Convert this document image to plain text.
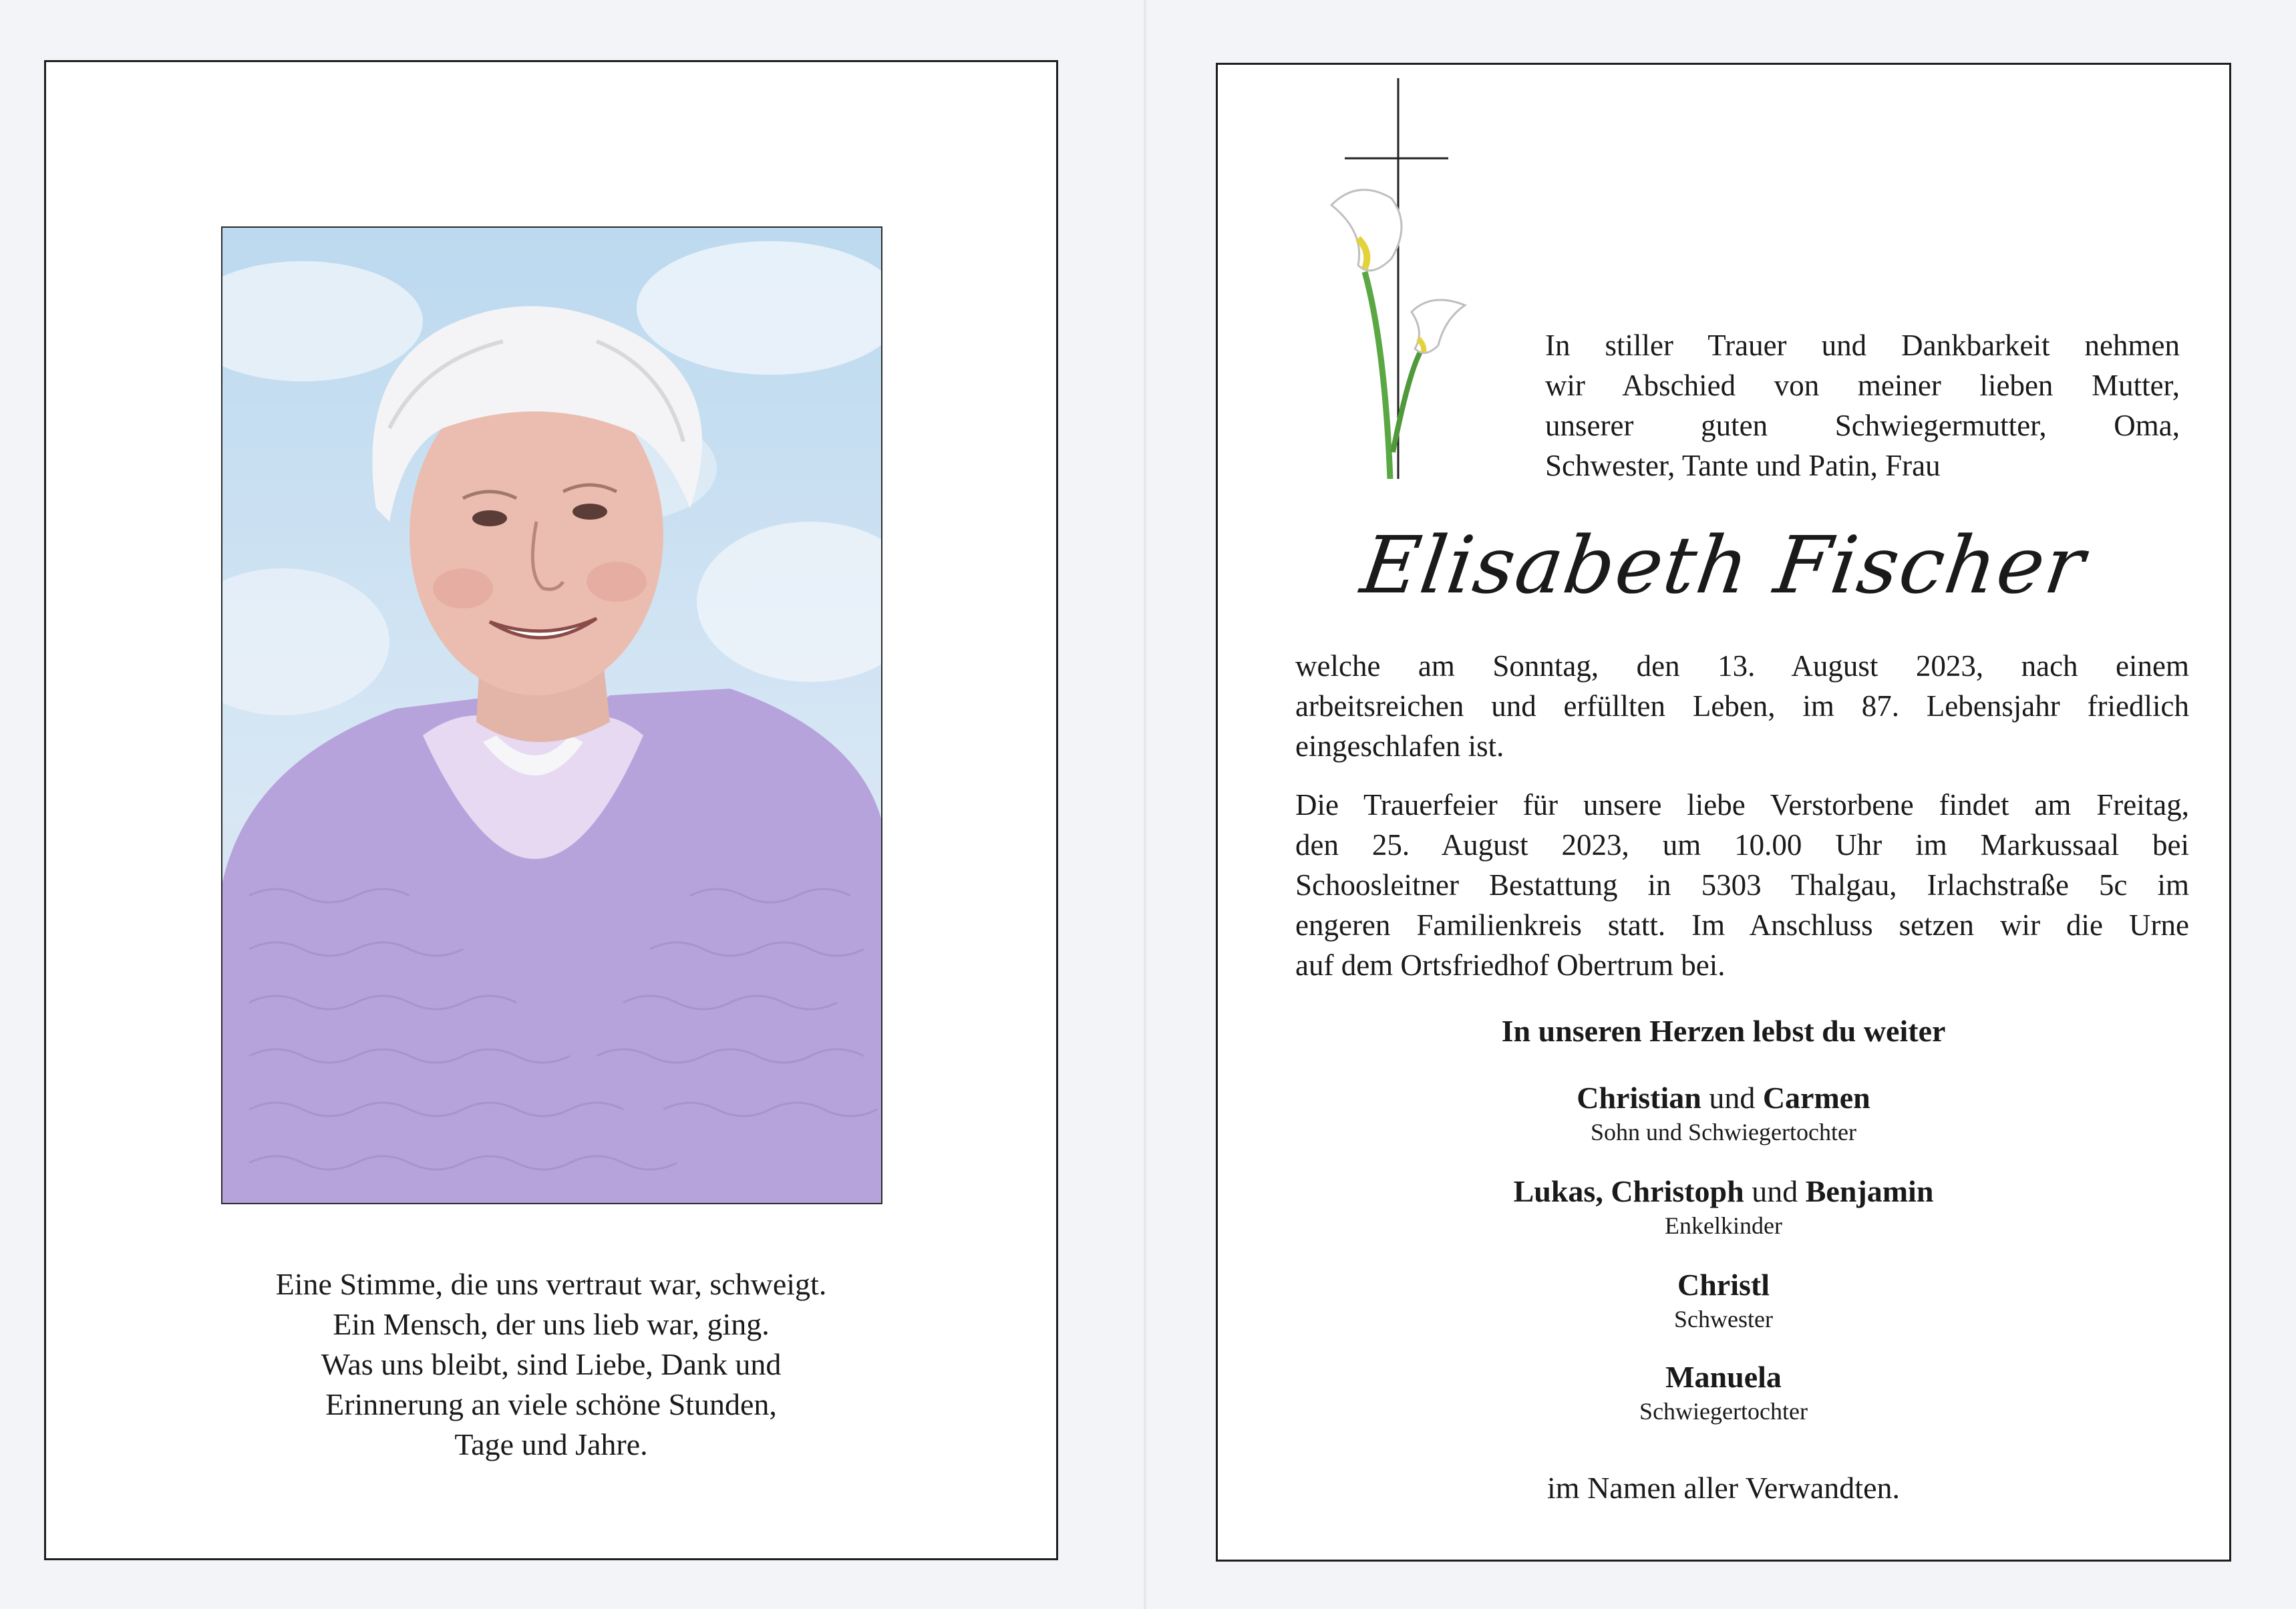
Eine Stimme, die uns vertraut war, schweigt.
Ein Mensch, der uns lieb war, ging.
Was uns bleibt, sind Liebe, Dank und
Erinnerung an viele schöne Stunden,
Tage und Jahre.
In stiller Trauer und Dankbarkeit nehmen
wir Abschied von meiner lieben Mutter,
unserer guten Schwiegermutter, Oma,
Schwester, Tante und Patin, Frau
Elisabeth Fischer
welche am Sonntag, den 13. August 2023, nach einem
arbeitsreichen und erfüllten Leben, im 87. Lebensjahr friedlich
eingeschlafen ist.
Die Trauerfeier für unsere liebe Verstorbene findet am Freitag,
den 25. August 2023, um 10.00 Uhr im Markussaal bei
Schoosleitner Bestattung in 5303 Thalgau, Irlachstraße 5c im
engeren Familienkreis statt. Im Anschluss setzen wir die Urne
auf dem Ortsfriedhof Obertrum bei.
In unseren Herzen lebst du weiter
Christian und Carmen
Sohn und Schwiegertochter
Lukas, Christoph und Benjamin
Enkelkinder
Christl
Schwester
Manuela
Schwiegertochter
im Namen aller Verwandten.
